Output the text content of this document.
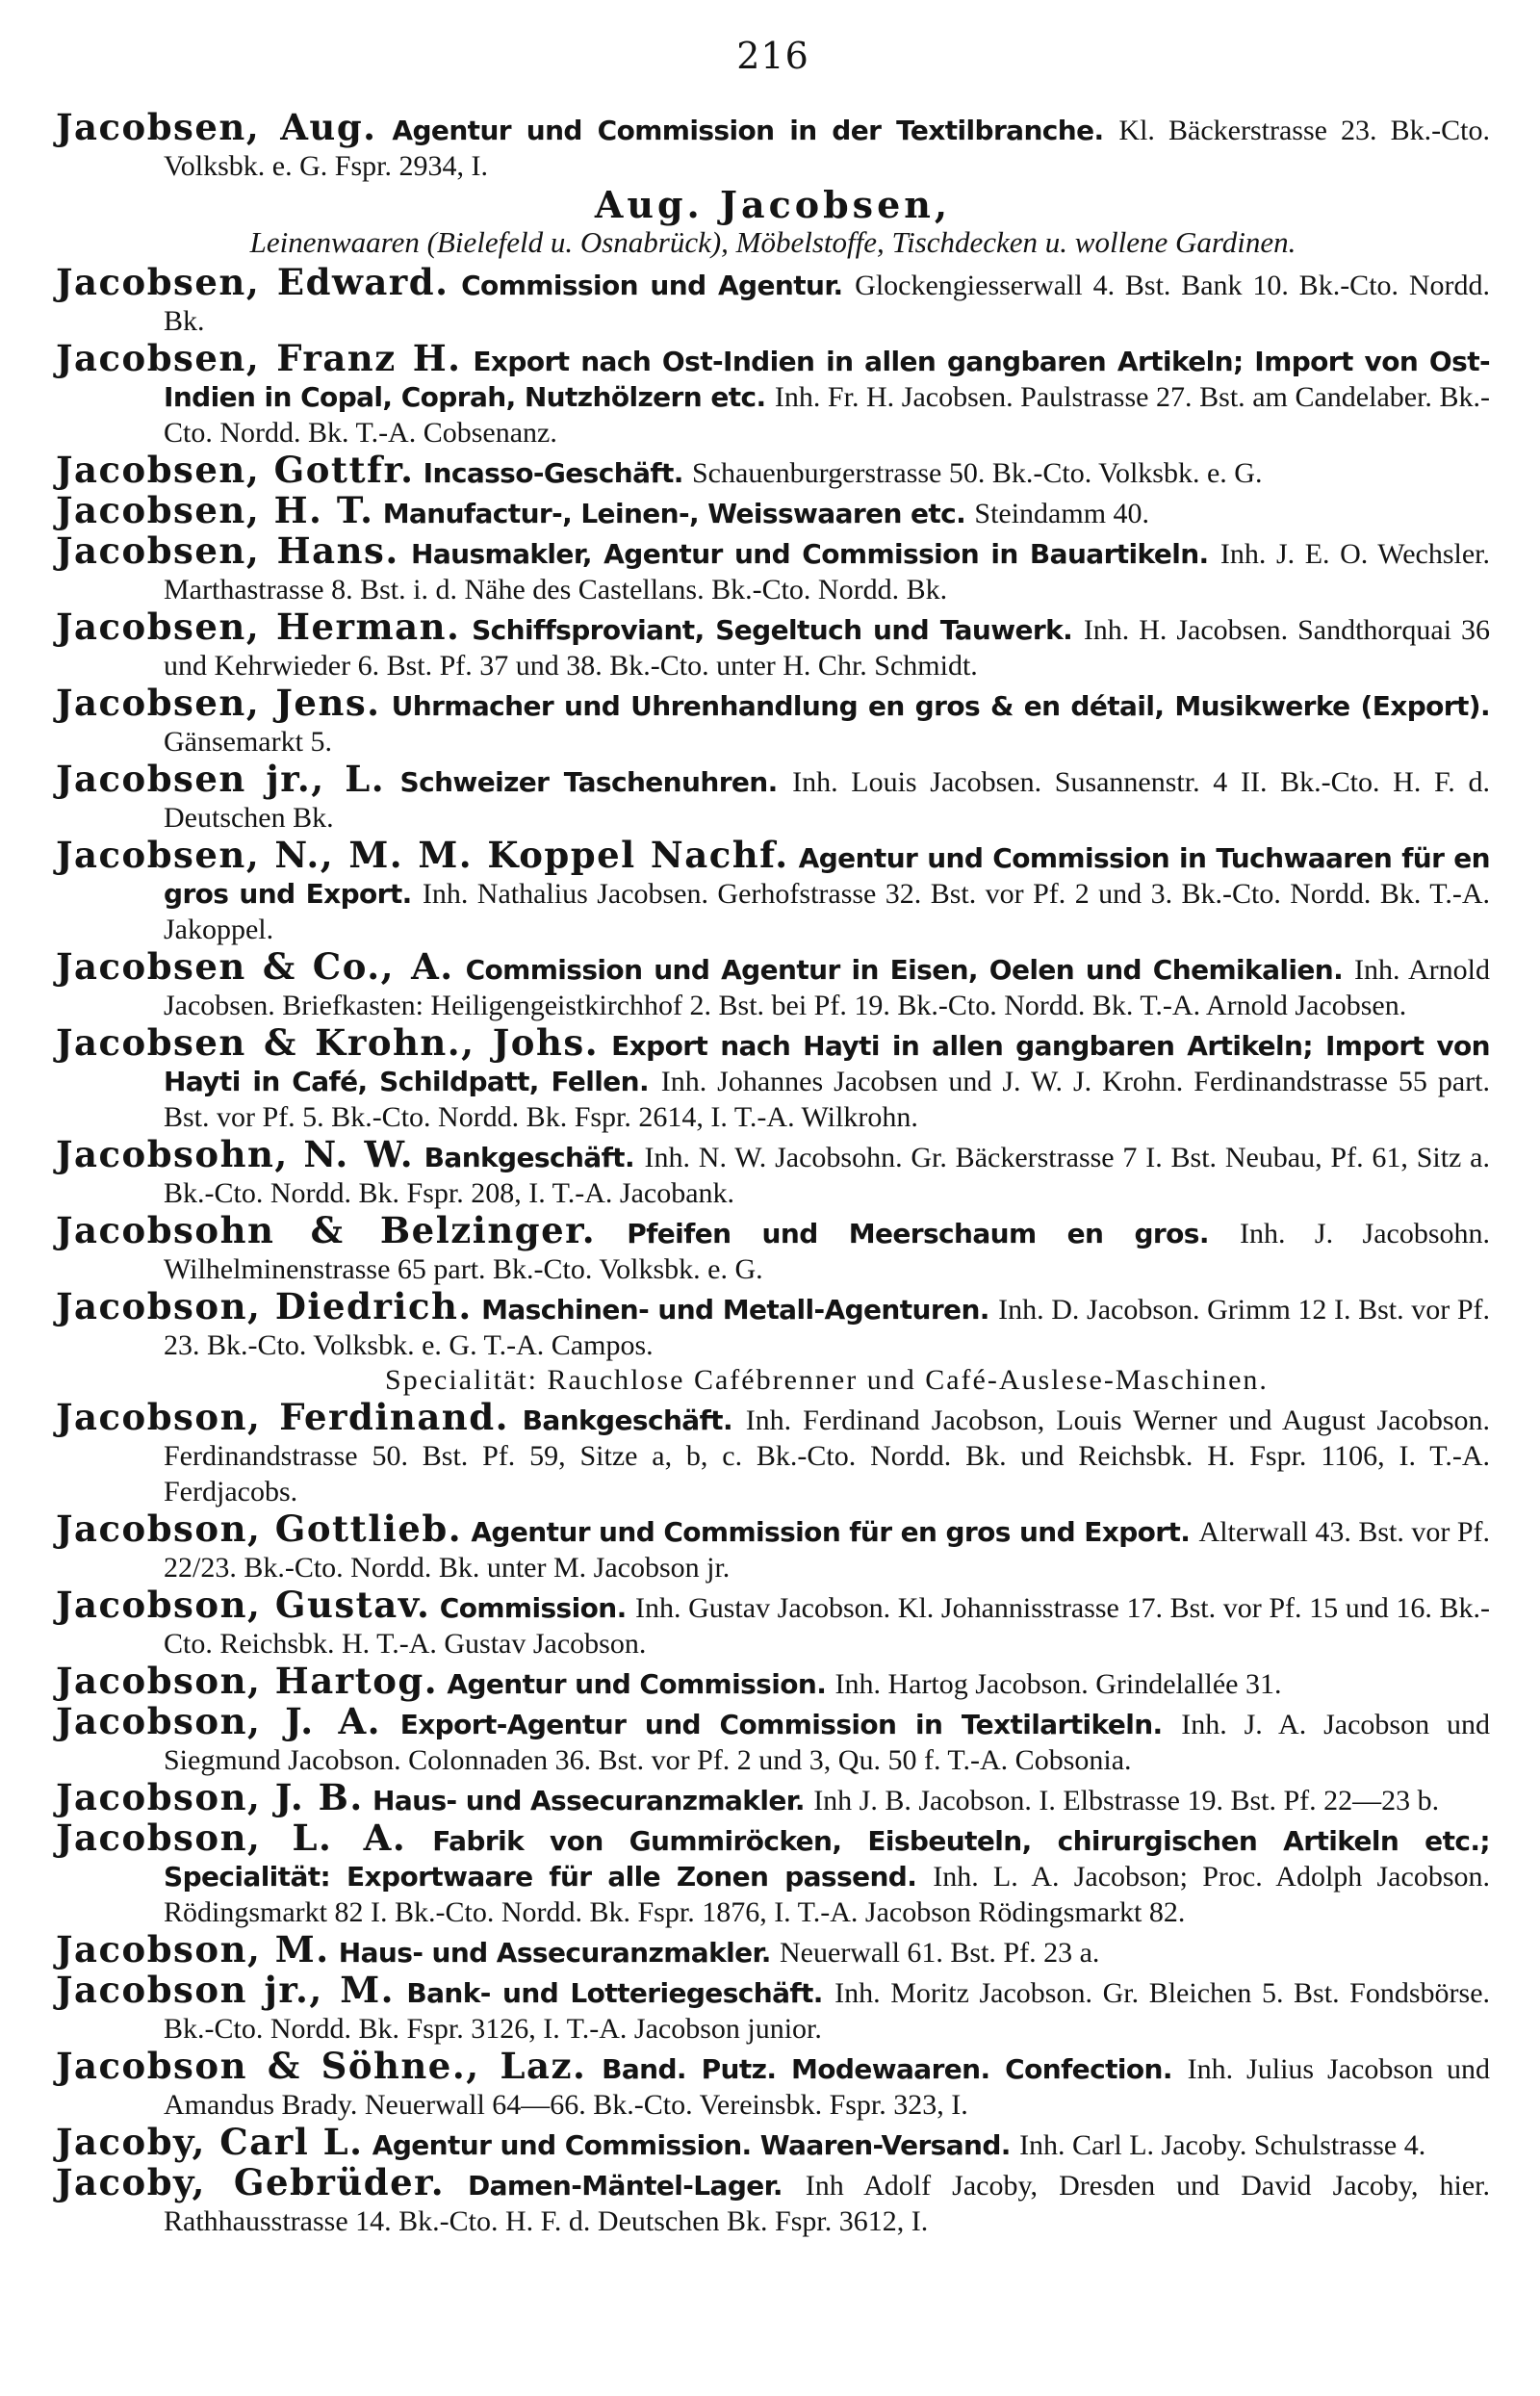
216
Jacobsen, Aug. Agentur und Commission in der Textilbranche. Kl. Bäckerstrasse 23. Bk.-Cto. Volksbk. e. G. Fspr. 2934, I.
Aug. Jacobsen,
Leinenwaaren (Bielefeld u. Osnabrück), Möbelstoffe, Tischdecken u. wollene Gardinen.
Jacobsen, Edward. Commission und Agentur. Glockengiesserwall 4. Bst. Bank 10. Bk.-Cto. Nordd. Bk.
Jacobsen, Franz H. Export nach Ost-Indien in allen gangbaren Artikeln; Import von Ost-Indien in Copal, Coprah, Nutzhölzern etc. Inh. Fr. H. Jacobsen. Paulstrasse 27. Bst. am Candelaber. Bk.-Cto. Nordd. Bk. T.-A. Cobsenanz.
Jacobsen, Gottfr. Incasso-Geschäft. Schauenburgerstrasse 50. Bk.-Cto. Volksbk. e. G.
Jacobsen, H. T. Manufactur-, Leinen-, Weisswaaren etc. Steindamm 40.
Jacobsen, Hans. Hausmakler, Agentur und Commission in Bauartikeln. Inh. J. E. O. Wechsler. Marthastrasse 8. Bst. i. d. Nähe des Castellans. Bk.-Cto. Nordd. Bk.
Jacobsen, Herman. Schiffsproviant, Segeltuch und Tauwerk. Inh. H. Jacobsen. Sandthorquai 36 und Kehrwieder 6. Bst. Pf. 37 und 38. Bk.-Cto. unter H. Chr. Schmidt.
Jacobsen, Jens. Uhrmacher und Uhrenhandlung en gros & en détail, Musikwerke (Export). Gänsemarkt 5.
Jacobsen jr., L. Schweizer Taschenuhren. Inh. Louis Jacobsen. Susannenstr. 4 II. Bk.-Cto. H. F. d. Deutschen Bk.
Jacobsen, N., M. M. Koppel Nachf. Agentur und Commission in Tuchwaaren für en gros und Export. Inh. Nathalius Jacobsen. Gerhofstrasse 32. Bst. vor Pf. 2 und 3. Bk.-Cto. Nordd. Bk. T.-A. Jakoppel.
Jacobsen & Co., A. Commission und Agentur in Eisen, Oelen und Chemikalien. Inh. Arnold Jacobsen. Briefkasten: Heiligengeistkirchhof 2. Bst. bei Pf. 19. Bk.-Cto. Nordd. Bk. T.-A. Arnold Jacobsen.
Jacobsen & Krohn., Johs. Export nach Hayti in allen gangbaren Artikeln; Import von Hayti in Café, Schildpatt, Fellen. Inh. Johannes Jacobsen und J. W. J. Krohn. Ferdinandstrasse 55 part. Bst. vor Pf. 5. Bk.-Cto. Nordd. Bk. Fspr. 2614, I. T.-A. Wilkrohn.
Jacobsohn, N. W. Bankgeschäft. Inh. N. W. Jacobsohn. Gr. Bäckerstrasse 7 I. Bst. Neubau, Pf. 61, Sitz a. Bk.-Cto. Nordd. Bk. Fspr. 208, I. T.-A. Jacobank.
Jacobsohn & Belzinger. Pfeifen und Meerschaum en gros. Inh. J. Jacobsohn. Wilhelminenstrasse 65 part. Bk.-Cto. Volksbk. e. G.
Jacobson, Diedrich. Maschinen- und Metall-Agenturen. Inh. D. Jacobson. Grimm 12 I. Bst. vor Pf. 23. Bk.-Cto. Volksbk. e. G. T.-A. Campos.
Specialität: Rauchlose Cafébrenner und Café-Auslese-Maschinen.
Jacobson, Ferdinand. Bankgeschäft. Inh. Ferdinand Jacobson, Louis Werner und August Jacobson. Ferdinandstrasse 50. Bst. Pf. 59, Sitze a, b, c. Bk.-Cto. Nordd. Bk. und Reichsbk. H. Fspr. 1106, I. T.-A. Ferdjacobs.
Jacobson, Gottlieb. Agentur und Commission für en gros und Export. Alterwall 43. Bst. vor Pf. 22/23. Bk.-Cto. Nordd. Bk. unter M. Jacobson jr.
Jacobson, Gustav. Commission. Inh. Gustav Jacobson. Kl. Johannisstrasse 17. Bst. vor Pf. 15 und 16. Bk.-Cto. Reichsbk. H. T.-A. Gustav Jacobson.
Jacobson, Hartog. Agentur und Commission. Inh. Hartog Jacobson. Grindelallée 31.
Jacobson, J. A. Export-Agentur und Commission in Textilartikeln. Inh. J. A. Jacobson und Siegmund Jacobson. Colonnaden 36. Bst. vor Pf. 2 und 3, Qu. 50 f. T.-A. Cobsonia.
Jacobson, J. B. Haus- und Assecuranzmakler. Inh J. B. Jacobson. I. Elbstrasse 19. Bst. Pf. 22—23 b.
Jacobson, L. A. Fabrik von Gummiröcken, Eisbeuteln, chirurgischen Artikeln etc.; Specialität: Exportwaare für alle Zonen passend. Inh. L. A. Jacobson; Proc. Adolph Jacobson. Rödingsmarkt 82 I. Bk.-Cto. Nordd. Bk. Fspr. 1876, I. T.-A. Jacobson Rödingsmarkt 82.
Jacobson, M. Haus- und Assecuranzmakler. Neuerwall 61. Bst. Pf. 23 a.
Jacobson jr., M. Bank- und Lotteriegeschäft. Inh. Moritz Jacobson. Gr. Bleichen 5. Bst. Fondsbörse. Bk.-Cto. Nordd. Bk. Fspr. 3126, I. T.-A. Jacobson junior.
Jacobson & Söhne., Laz. Band. Putz. Modewaaren. Confection. Inh. Julius Jacobson und Amandus Brady. Neuerwall 64—66. Bk.-Cto. Vereinsbk. Fspr. 323, I.
Jacoby, Carl L. Agentur und Commission. Waaren-Versand. Inh. Carl L. Jacoby. Schulstrasse 4.
Jacoby, Gebrüder. Damen-Mäntel-Lager. Inh Adolf Jacoby, Dresden und David Jacoby, hier. Rathhausstrasse 14. Bk.-Cto. H. F. d. Deutschen Bk. Fspr. 3612, I.
